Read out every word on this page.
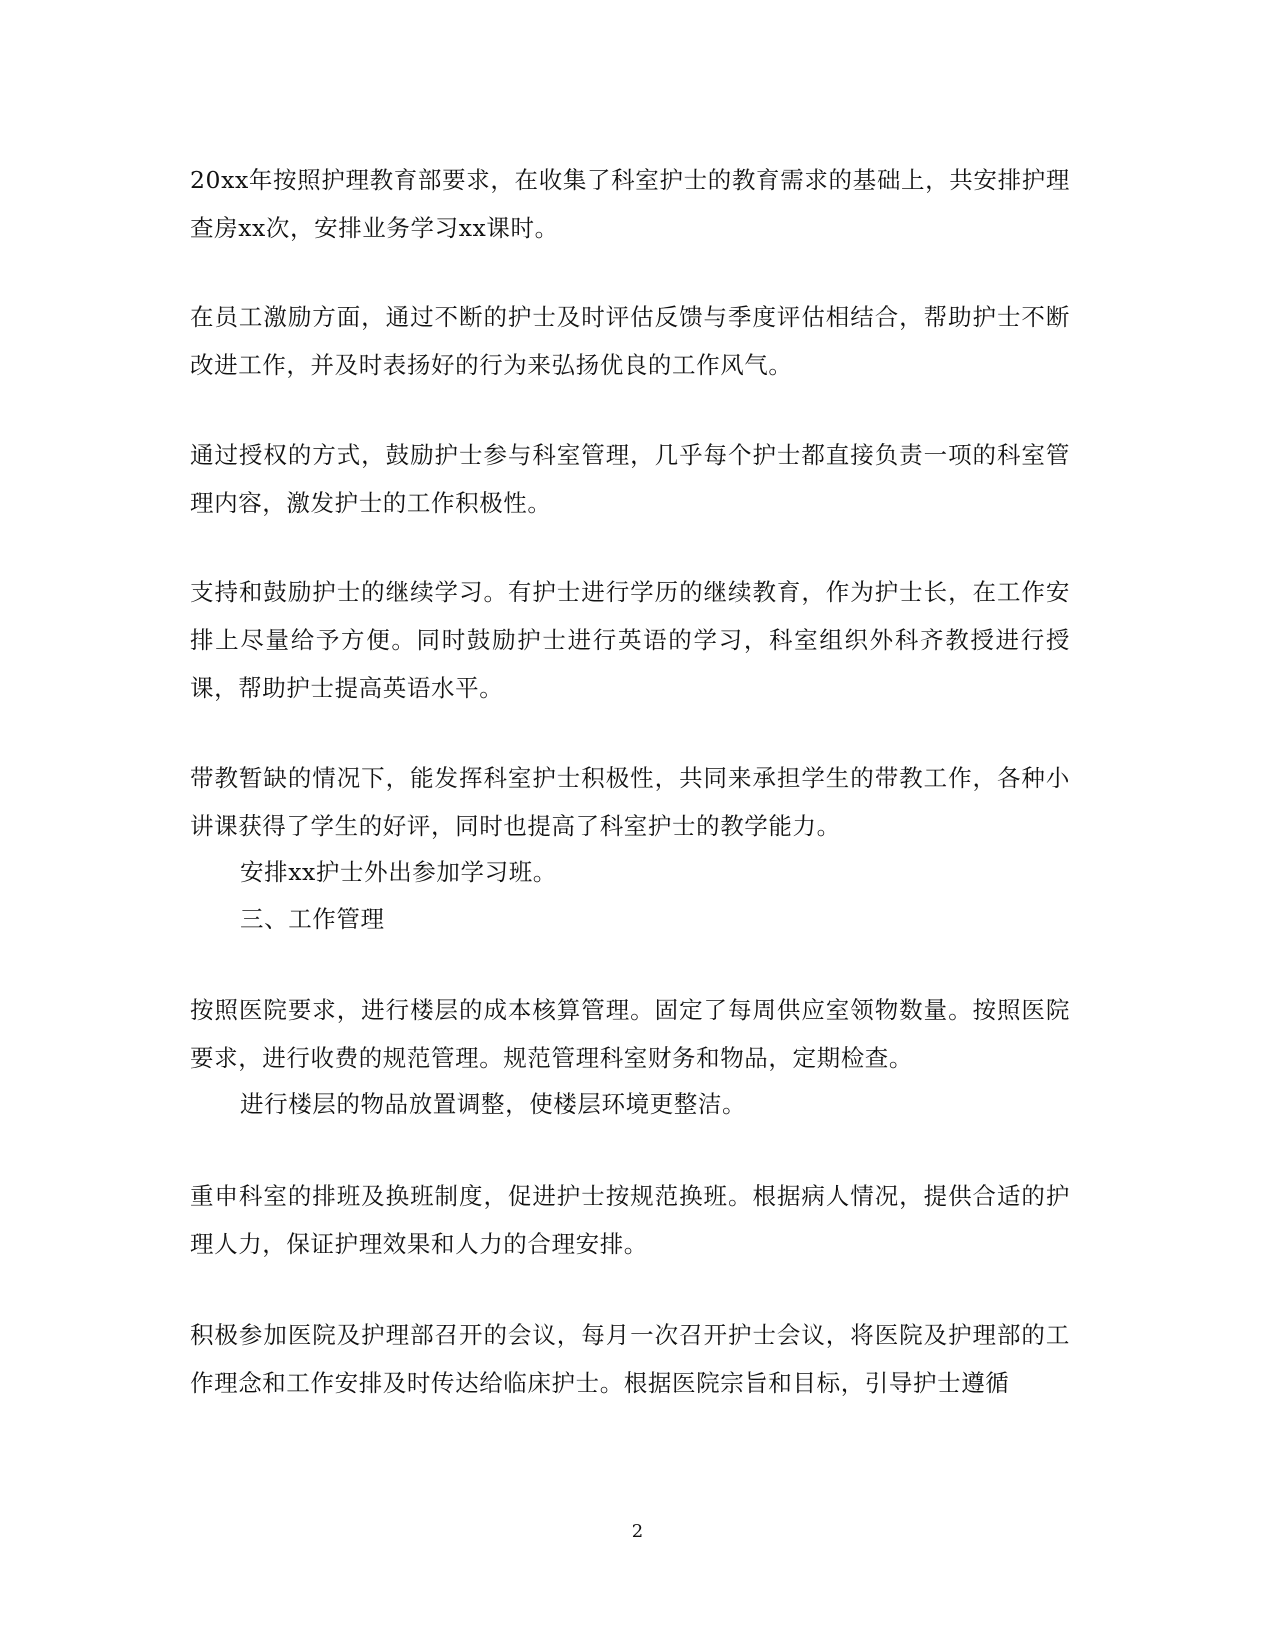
20xx年按照护理教育部要求，在收集了科室护士的教育需求的基础上，共安排护理查房xx次，安排业务学习xx课时。

在员工激励方面，通过不断的护士及时评估反馈与季度评估相结合，帮助护士不断改进工作，并及时表扬好的行为来弘扬优良的工作风气。

通过授权的方式，鼓励护士参与科室管理，几乎每个护士都直接负责一项的科室管理内容，激发护士的工作积极性。

支持和鼓励护士的继续学习。有护士进行学历的继续教育，作为护士长，在工作安排上尽量给予方便。同时鼓励护士进行英语的学习，科室组织外科齐教授进行授课，帮助护士提高英语水平。

带教暂缺的情况下，能发挥科室护士积极性，共同来承担学生的带教工作，各种小讲课获得了学生的好评，同时也提高了科室护士的教学能力。

安排xx护士外出参加学习班。

三、工作管理

按照医院要求，进行楼层的成本核算管理。固定了每周供应室领物数量。按照医院要求，进行收费的规范管理。规范管理科室财务和物品，定期检查。

进行楼层的物品放置调整，使楼层环境更整洁。

重申科室的排班及换班制度，促进护士按规范换班。根据病人情况，提供合适的护理人力，保证护理效果和人力的合理安排。

积极参加医院及护理部召开的会议，每月一次召开护士会议，将医院及护理部的工作理念和工作安排及时传达给临床护士。根据医院宗旨和目标，引导护士遵循

2
